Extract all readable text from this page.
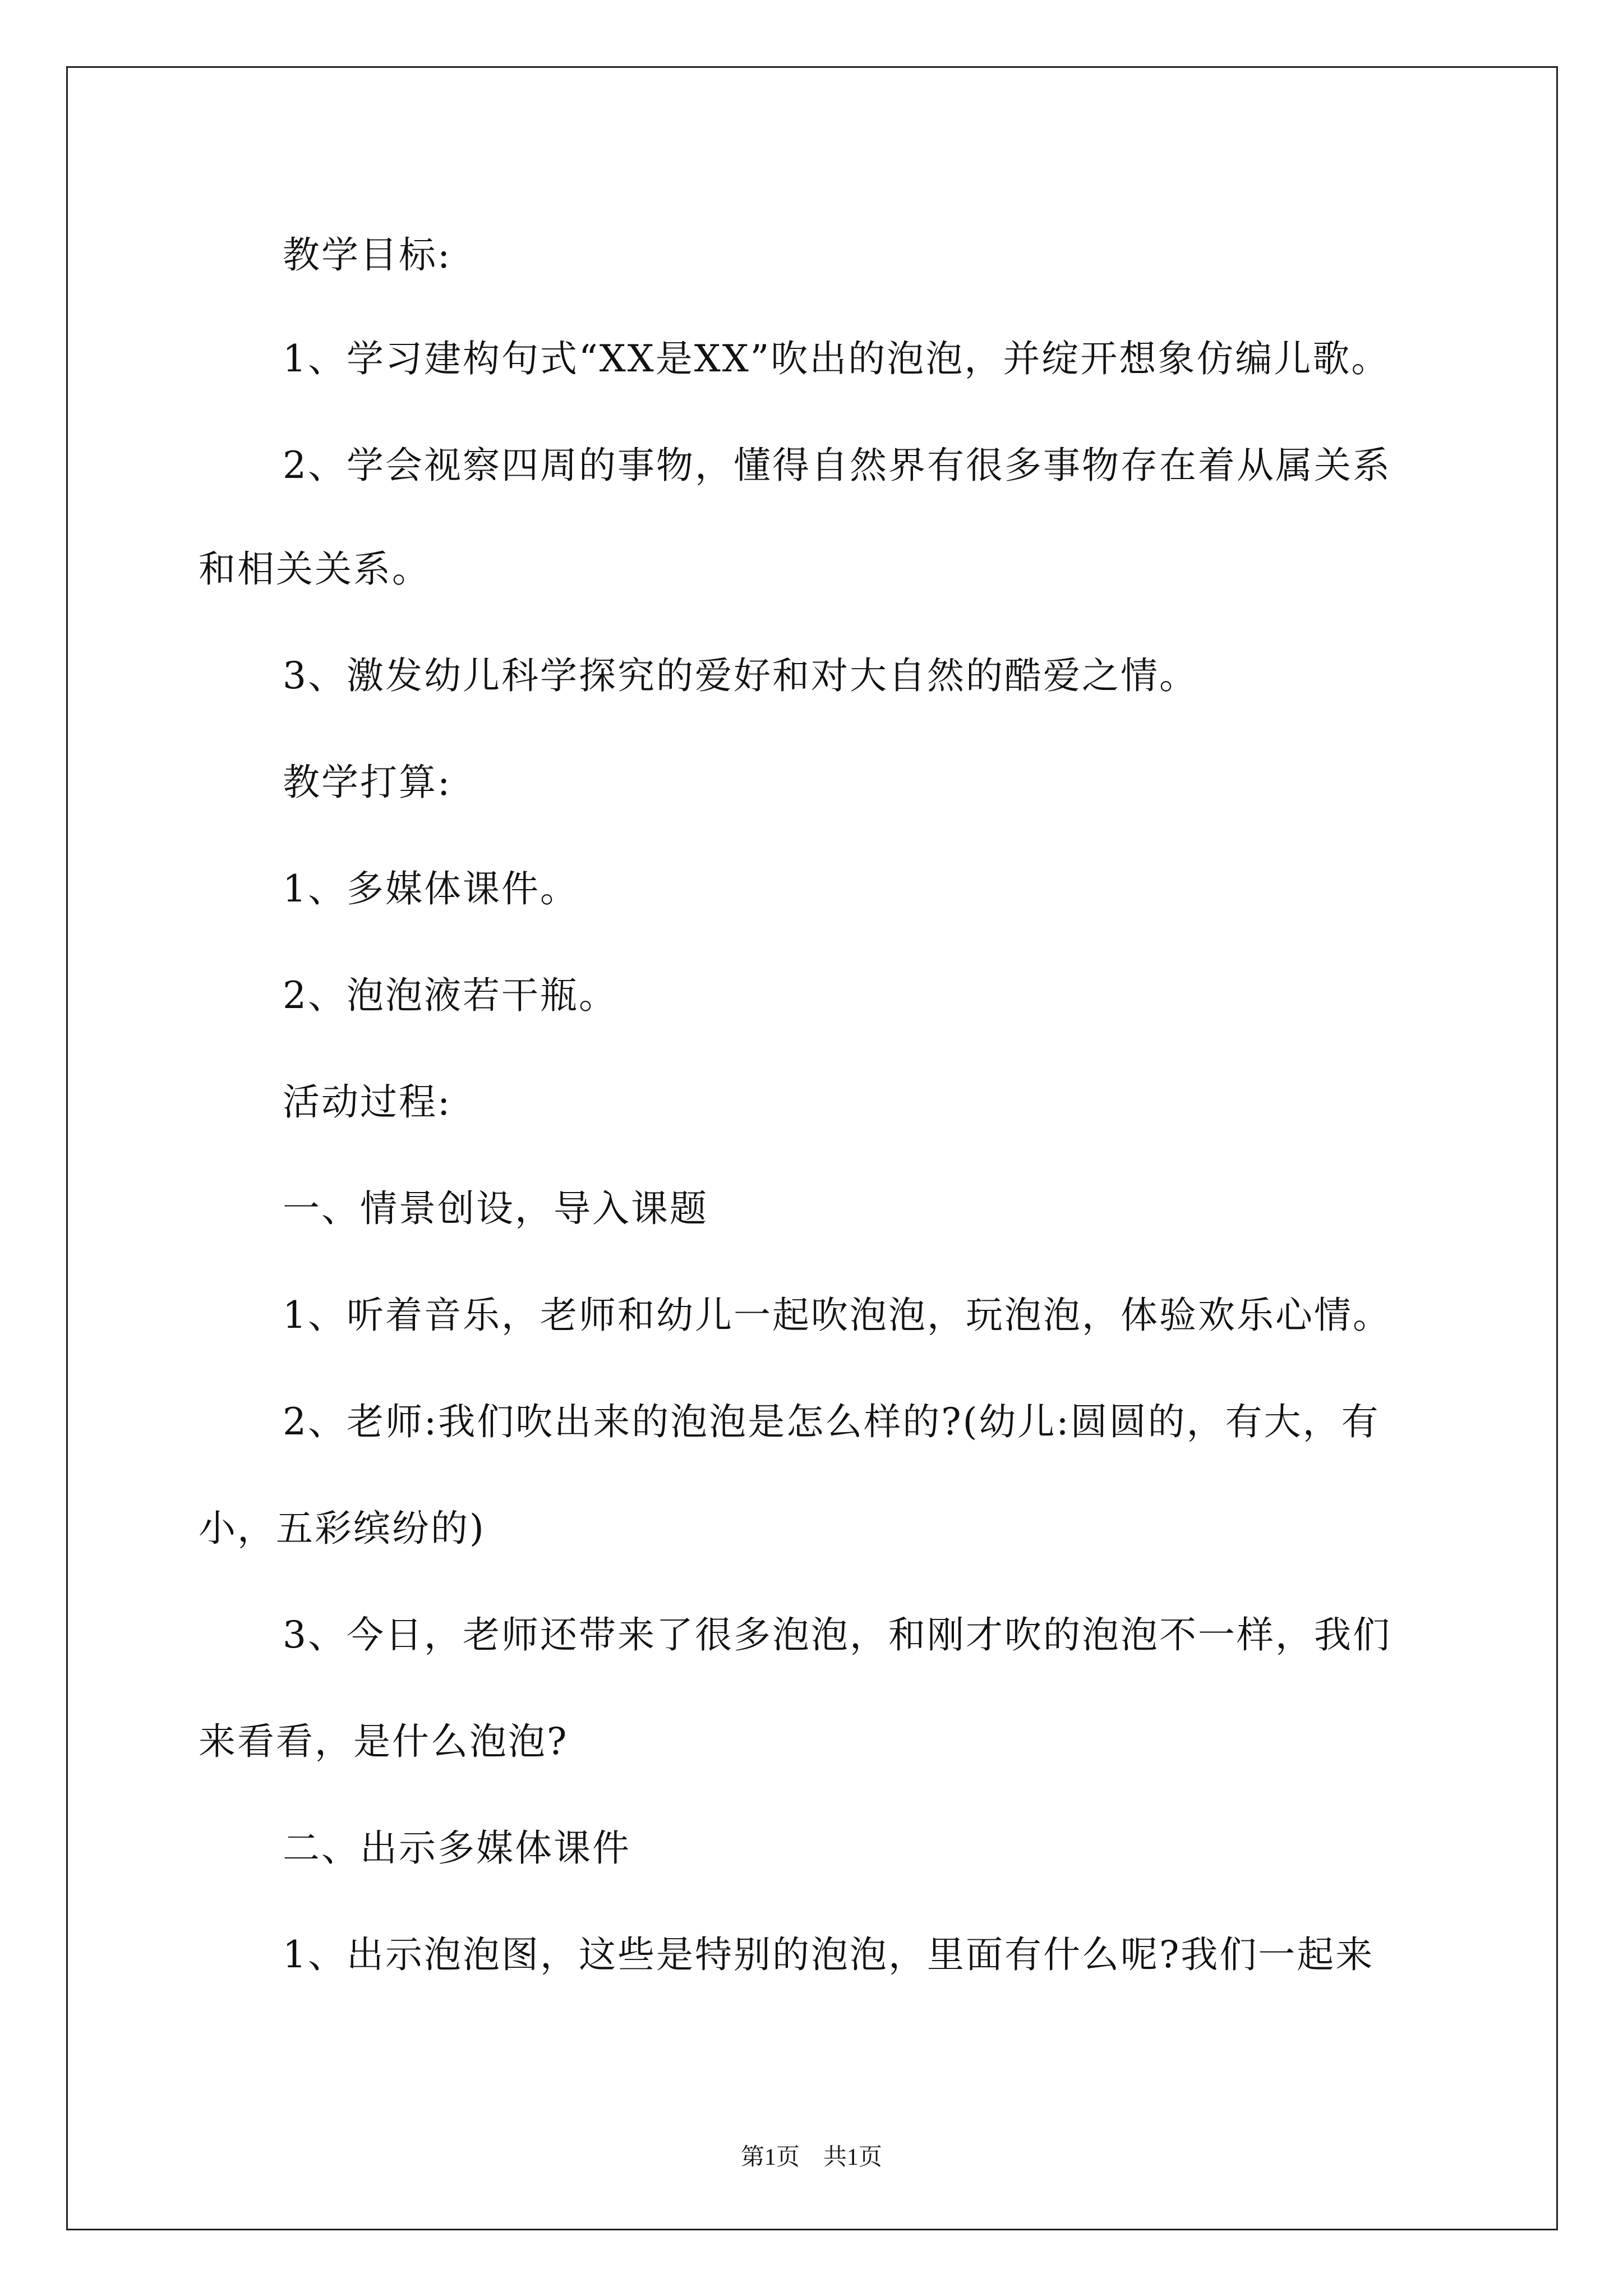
教学目标:
1、学习建构句式“XX是XX”吹出的泡泡，并绽开想象仿编儿歌。
2、学会视察四周的事物，懂得自然界有很多事物存在着从属关系
和相关关系。
3、激发幼儿科学探究的爱好和对大自然的酷爱之情。
教学打算:
1、多媒体课件。
2、泡泡液若干瓶。
活动过程:
一、情景创设，导入课题
1、听着音乐，老师和幼儿一起吹泡泡，玩泡泡，体验欢乐心情。
2、老师:我们吹出来的泡泡是怎么样的?(幼儿:圆圆的，有大，有
小，五彩缤纷的)
3、今日，老师还带来了很多泡泡，和刚才吹的泡泡不一样，我们
来看看，是什么泡泡?
二、出示多媒体课件
1、出示泡泡图，这些是特别的泡泡，里面有什么呢?我们一起来
第1页　共1页
